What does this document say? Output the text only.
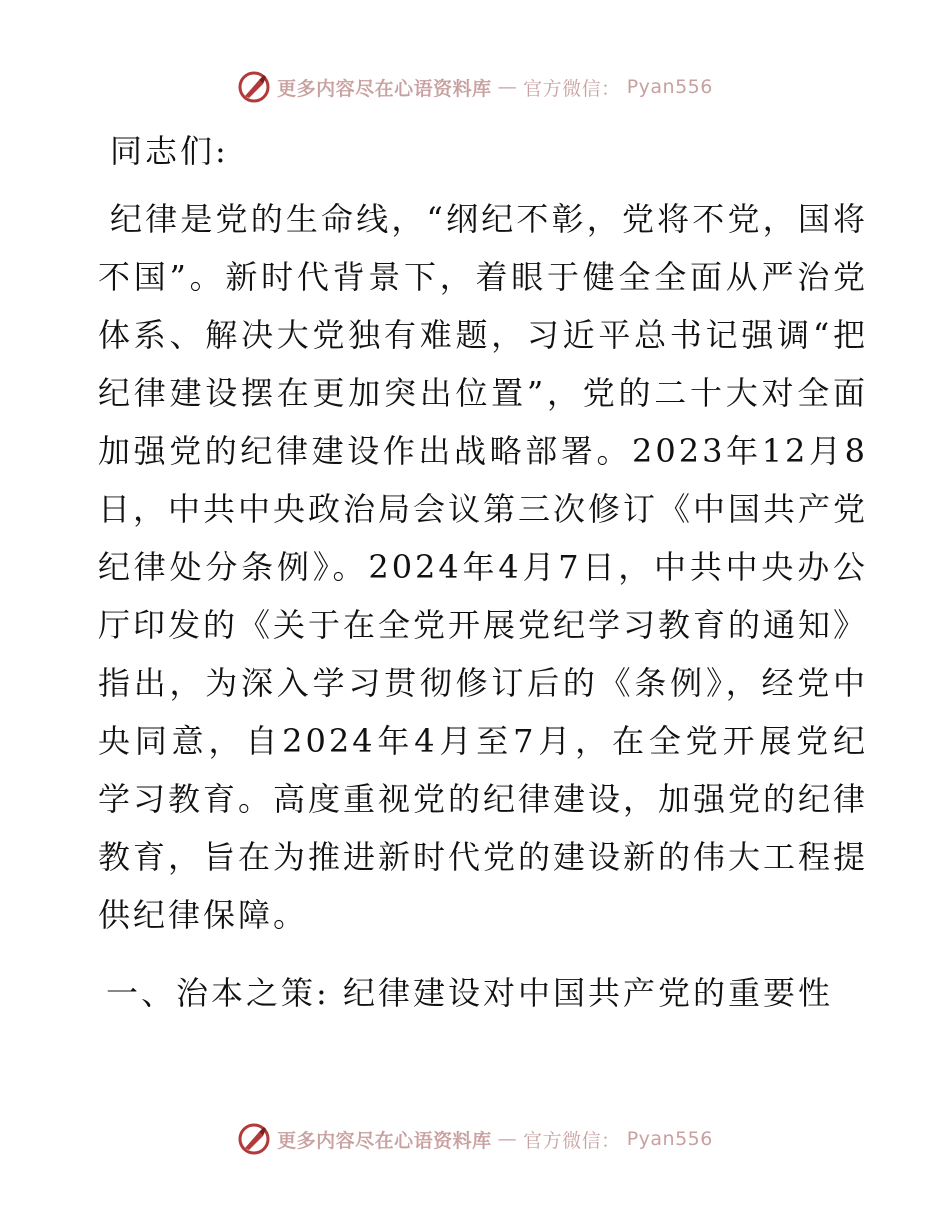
更多内容尽在心语资料库 — 官方微信： Pyan556

同志们:

纪律是党的生命线，“纲纪不彰，党将不党，国将不国”。新时代背景下，着眼于健全全面从严治党体系、解决大党独有难题，习近平总书记强调“把纪律建设摆在更加突出位置”，党的二十大对全面加强党的纪律建设作出战略部署。2023年12月8日，中共中央政治局会议第三次修订《中国共产党纪律处分条例》。2024年4月7日，中共中央办公厅印发的《关于在全党开展党纪学习教育的通知》指出，为深入学习贯彻修订后的《条例》，经党中央同意，自2024年4月至7月，在全党开展党纪学习教育。高度重视党的纪律建设，加强党的纪律教育，旨在为推进新时代党的建设新的伟大工程提供纪律保障。

一、治本之策: 纪律建设对中国共产党的重要性

更多内容尽在心语资料库 — 官方微信： Pyan556
